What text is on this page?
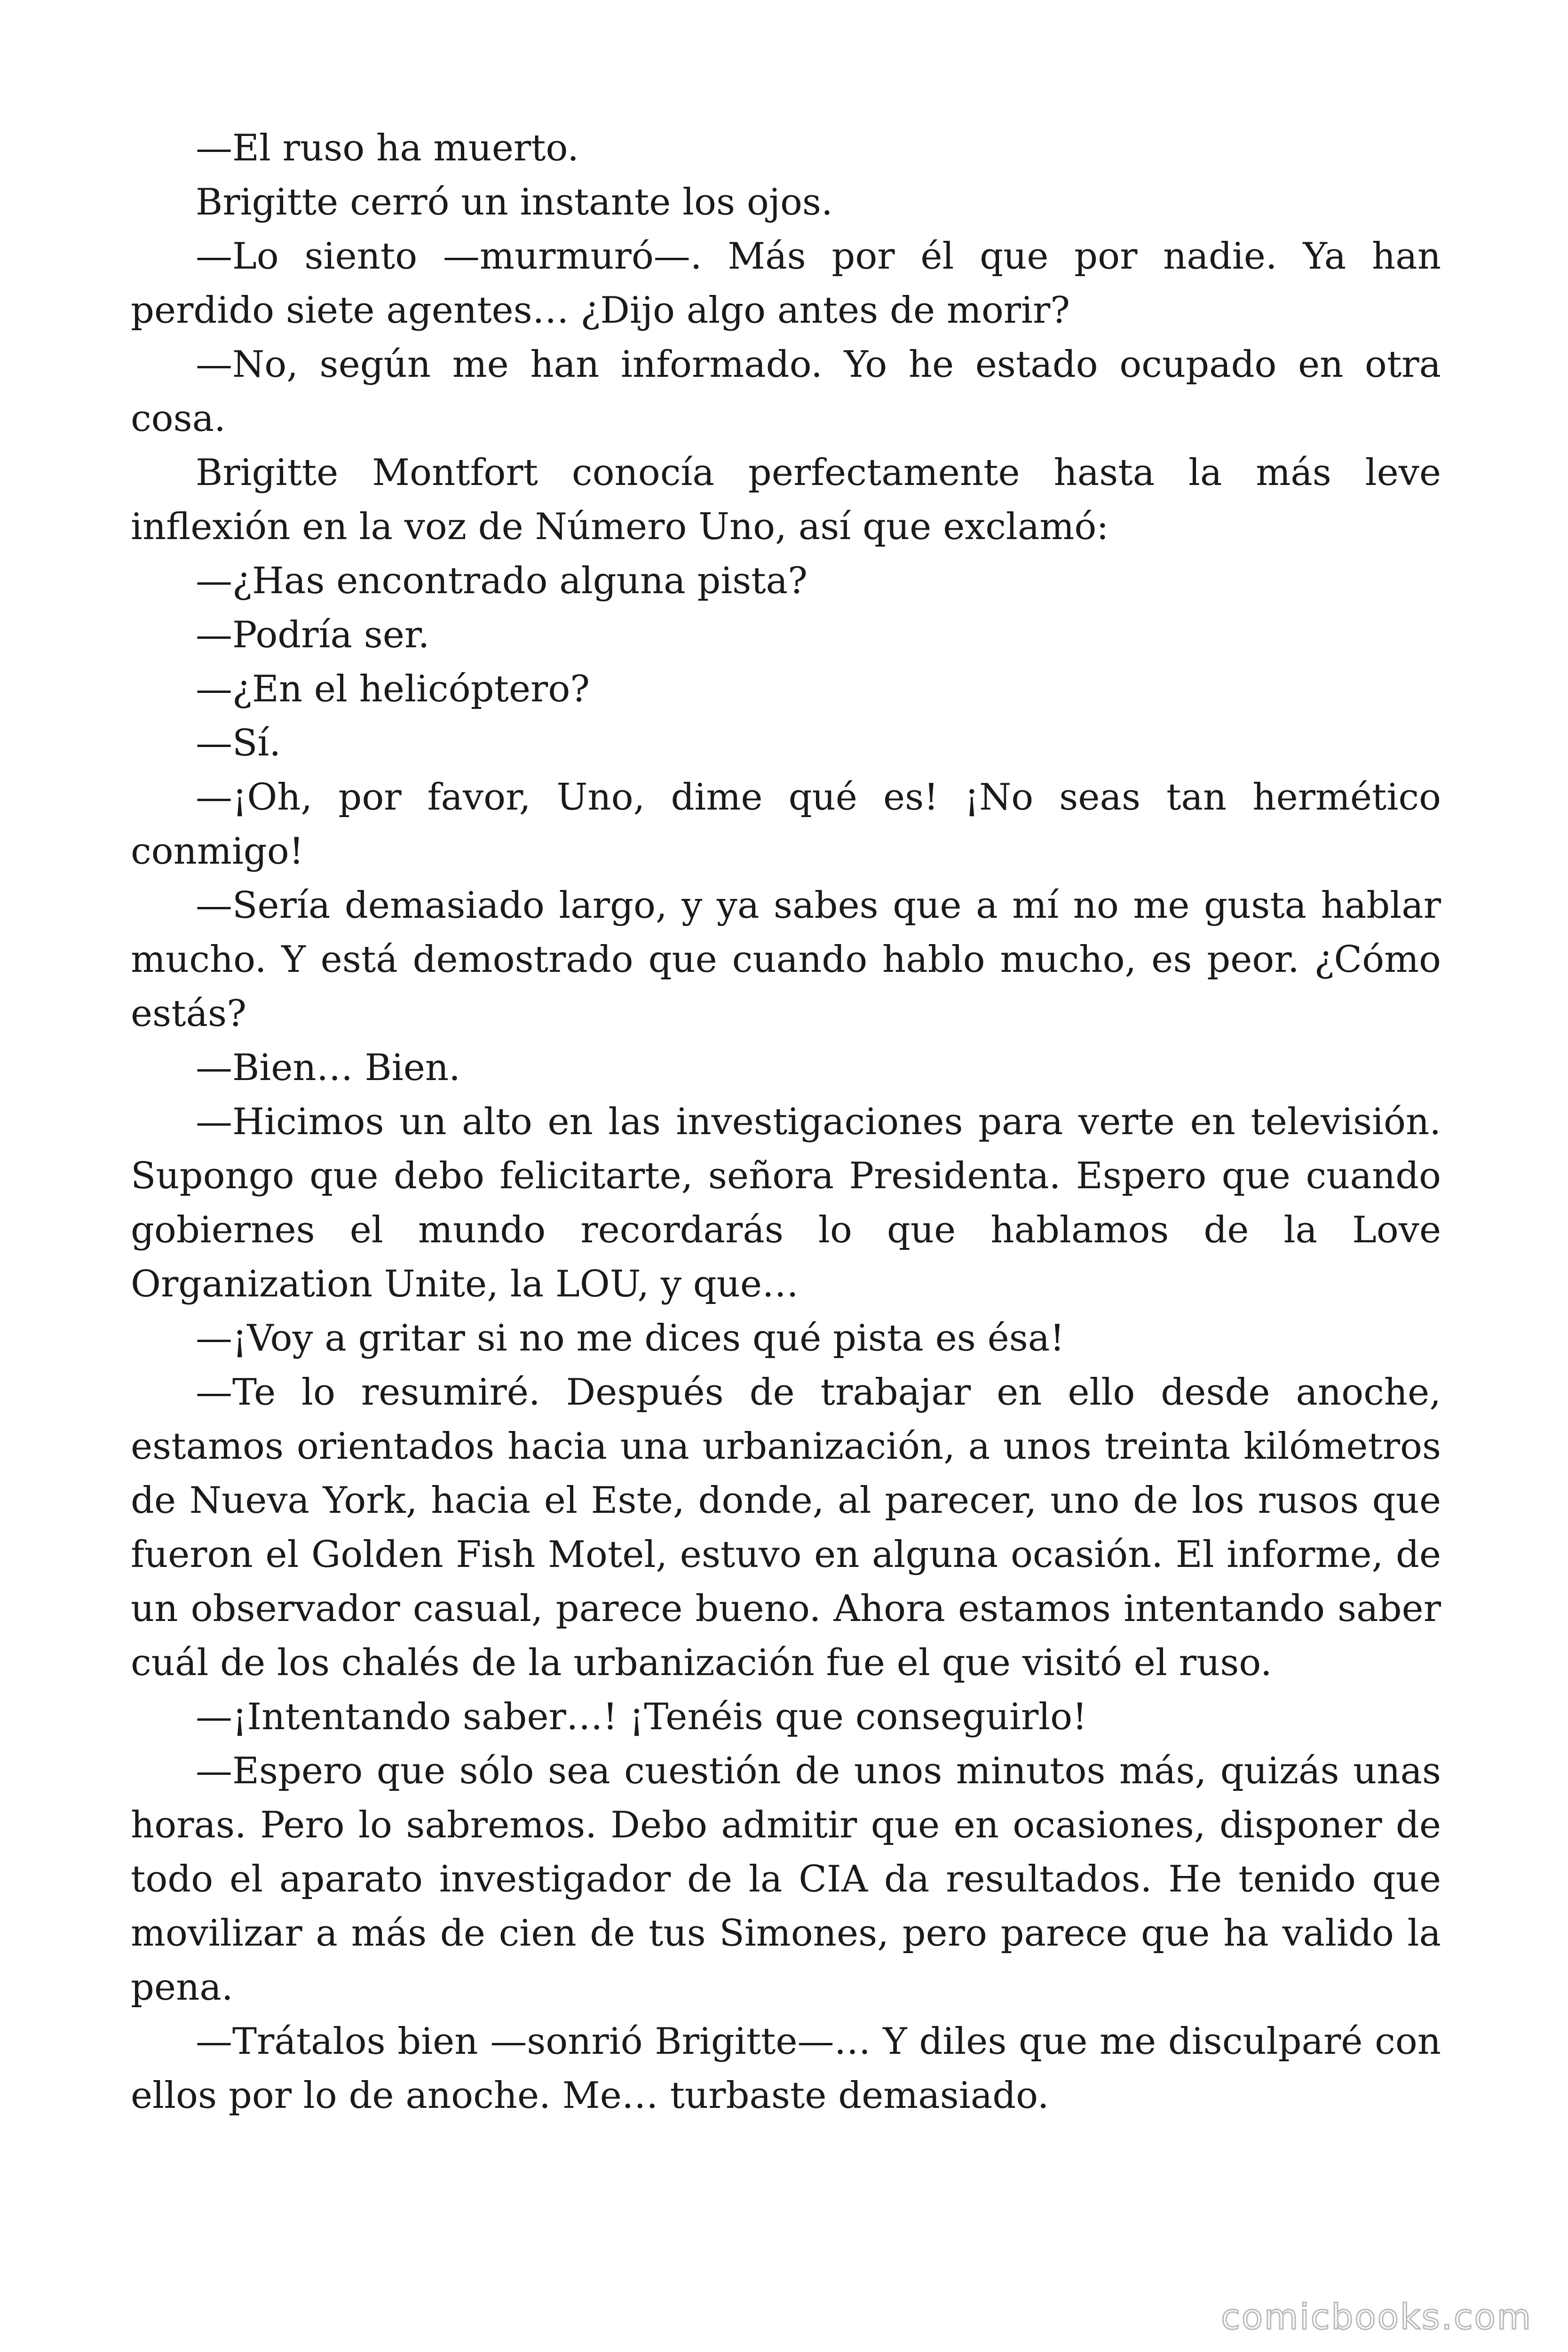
—El ruso ha muerto.

Brigitte cerró un instante los ojos.

—Lo siento —murmuró—. Más por él que por nadie. Ya han perdido siete agentes… ¿Dijo algo antes de morir?

—No, según me han informado. Yo he estado ocupado en otra cosa.

Brigitte Montfort conocía perfectamente hasta la más leve inflexión en la voz de Número Uno, así que exclamó:

—¿Has encontrado alguna pista?

—Podría ser.

—¿En el helicóptero?

—Sí.

—¡Oh, por favor, Uno, dime qué es! ¡No seas tan hermético conmigo!

—Sería demasiado largo, y ya sabes que a mí no me gusta hablar mucho. Y está demostrado que cuando hablo mucho, es peor. ¿Cómo estás?

—Bien… Bien.

—Hicimos un alto en las investigaciones para verte en televisión. Supongo que debo felicitarte, señora Presidenta. Espero que cuando gobiernes el mundo recordarás lo que hablamos de la Love Organization Unite, la LOU, y que…

—¡Voy a gritar si no me dices qué pista es ésa!

—Te lo resumiré. Después de trabajar en ello desde anoche, estamos orientados hacia una urbanización, a unos treinta kilómetros de Nueva York, hacia el Este, donde, al parecer, uno de los rusos que fueron el Golden Fish Motel, estuvo en alguna ocasión. El informe, de un observador casual, parece bueno. Ahora estamos intentando saber cuál de los chalés de la urbanización fue el que visitó el ruso.

—¡Intentando saber…! ¡Tenéis que conseguirlo!

—Espero que sólo sea cuestión de unos minutos más, quizás unas horas. Pero lo sabremos. Debo admitir que en ocasiones, disponer de todo el aparato investigador de la CIA da resultados. He tenido que movilizar a más de cien de tus Simones, pero parece que ha valido la pena.

—Trátalos bien —sonrió Brigitte—… Y diles que me disculparé con ellos por lo de anoche. Me… turbaste demasiado.

comicbooks.com
